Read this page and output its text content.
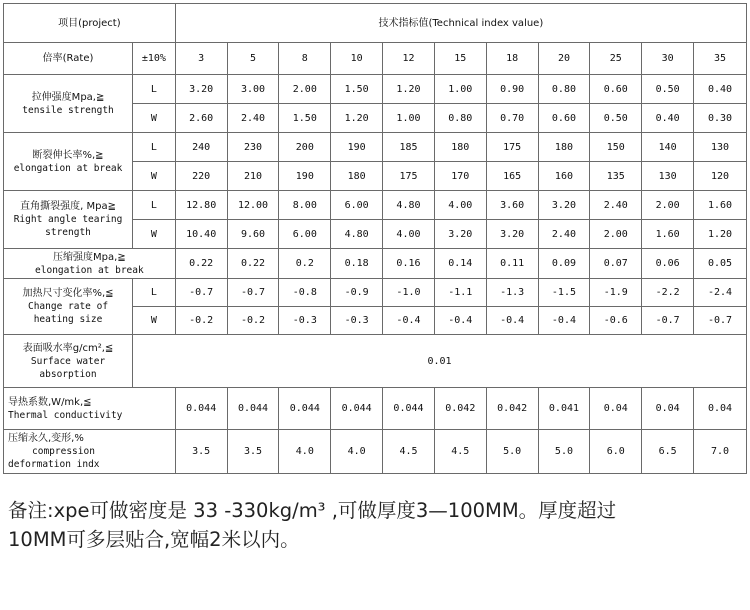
项目(project)		技术指标值(Technical index value)										
倍率(Rate)	±10%	3	5	8	10	12	15	18	20	25	30	35

拉伸强度Mpa,≧
tensile strength	L	3.20	3.00	2.00	1.50	1.20	1.00	0.90	0.80	0.60	0.50	0.40
	W	2.60	2.40	1.50	1.20	1.00	0.80	0.70	0.60	0.50	0.40	0.30

断裂伸长率%,≧
elongation at break	L	240	230	200	190	185	180	175	180	150	140	130
	W	220	210	190	180	175	170	165	160	135	130	120

直角撕裂强度, Mpa≧
Right angle tearing
strength	L	12.80	12.00	8.00	6.00	4.80	4.00	3.60	3.20	2.40	2.00	1.60
	W	10.40	9.60	6.00	4.80	4.00	3.20	3.20	2.40	2.00	1.60	1.20

压缩强度Mpa,≧
elongation at break		0.22	0.22	0.2	0.18	0.16	0.14	0.11	0.09	0.07	0.06	0.05

加热尺寸变化率%,≦
Change rate of
heating size	L	-0.7	-0.7	-0.8	-0.9	-1.0	-1.1	-1.3	-1.5	-1.9	-2.2	-2.4
	W	-0.2	-0.2	-0.3	-0.3	-0.4	-0.4	-0.4	-0.4	-0.6	-0.7	-0.7

表面吸水率g/cm²,≦
Surface water
absorption	0.01											

导热系数,W/mk,≦
Thermal conductivity		0.044	0.044	0.044	0.044	0.044	0.042	0.042	0.041	0.04	0.04	0.04

压缩永久,变形,%
compression
deformation indx		3.5	3.5	4.0	4.0	4.5	4.5	5.0	5.0	6.0	6.5	7.0
备注:xpe可做密度是 33 -330kg/m³ ,可做厚度3—100MM。厚度超过
10MM可多层贴合,宽幅2米以内。
